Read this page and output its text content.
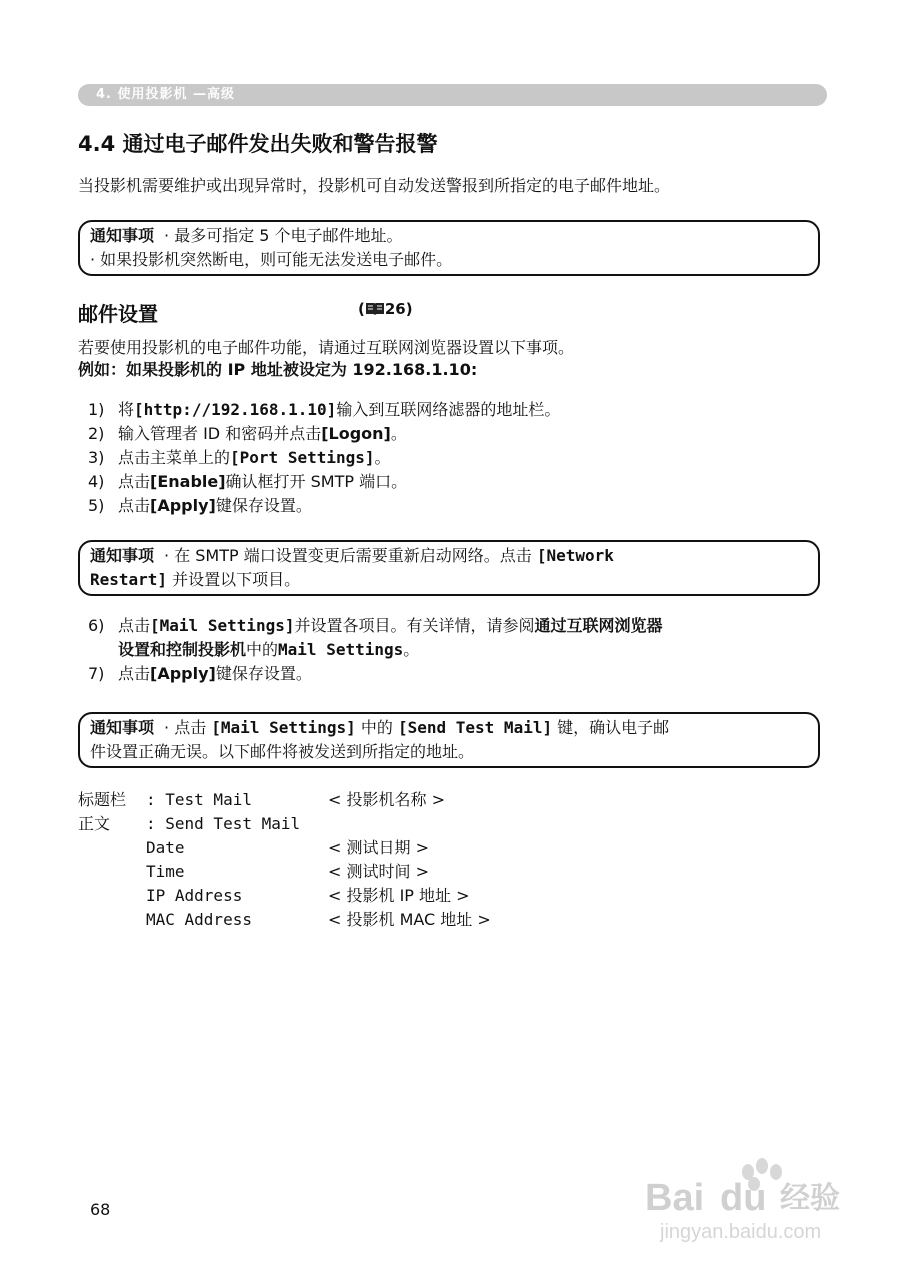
4. 使用投影机 —高级
4.4 通过电子邮件发出失败和警告报警
当投影机需要维护或出现异常时，投影机可自动发送警报到所指定的电子邮件地址。
通知事项 · 最多可指定 5 个电子邮件地址。
· 如果投影机突然断电，则可能无法发送电子邮件。
邮件设置	( 26)
若要使用投影机的电子邮件功能，请通过互联网浏览器设置以下事项。
例如：如果投影机的 IP 地址被设定为 192.168.1.10:
1) 将 [http://192.168.1.10] 输入到互联网络滤器的地址栏。
2) 输入管理者 ID 和密码并点击 [Logon] 。
3) 点击主菜单上的 [Port Settings] 。
4) 点击 [Enable] 确认框打开 SMTP 端口。
5) 点击 [Apply] 键保存设置。
通知事项 · 在 SMTP 端口设置变更后需要重新启动网络。点击 [Network
Restart] 并设置以下项目。
6) 点击 [Mail Settings] 并设置各项目。有关详情，请参阅 通过互联网浏览器
设置和控制投影机 中的 Mail Settings 。
7) 点击 [Apply] 键保存设置。
通知事项 · 点击 [Mail Settings] 中的 [Send Test Mail] 键，确认电子邮
件设置正确无误。以下邮件将被发送到所指定的地址。
标题栏 : Test Mail	< 投影机名称 >
正文 : Send Test Mail
Date	< 测试日期 >
Time	< 测试时间 >
IP Address	< 投影机 IP 地址 >
MAC Address	< 投影机 MAC 地址 >
68	Bai du 经验
jingyan.baidu.com
